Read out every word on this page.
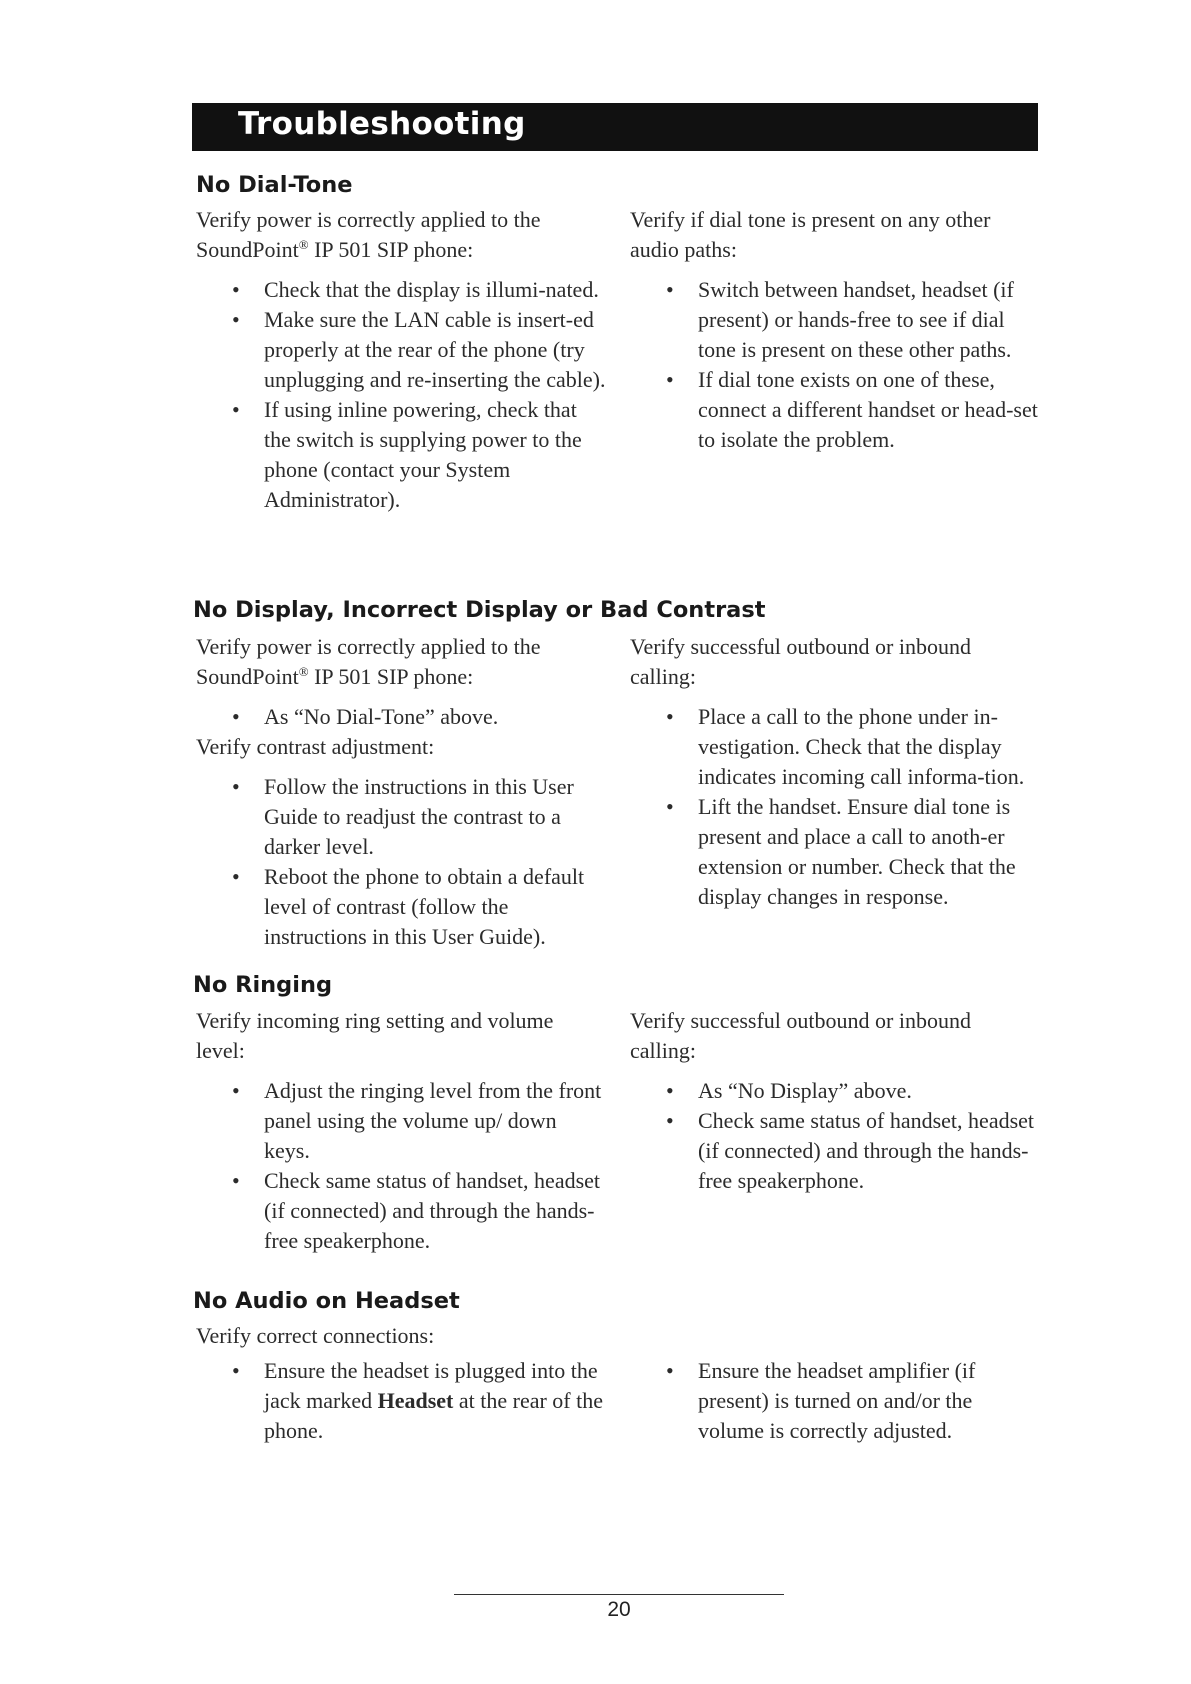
Troubleshooting
No Dial-Tone

Verify power is correctly applied to the SoundPoint® IP 501 SIP phone:

• Check that the display is illumi-nated.
• Make sure the LAN cable is insert-ed properly at the rear of the phone (try unplugging and re-inserting the cable).
• If using inline powering, check that the switch is supplying power to the phone (contact your System Administrator).

Verify if dial tone is present on any other audio paths:

• Switch between handset, headset (if present) or hands-free to see if dial tone is present on these other paths.
• If dial tone exists on one of these, connect a different handset or head-set to isolate the problem.
No Display, Incorrect Display or Bad Contrast

Verify power is correctly applied to the SoundPoint® IP 501 SIP phone:

• As “No Dial-Tone” above.

Verify contrast adjustment:

• Follow the instructions in this User Guide to readjust the contrast to a darker level.
• Reboot the phone to obtain a default level of contrast (follow the instructions in this User Guide).

Verify successful outbound or inbound calling:

• Place a call to the phone under in-vestigation. Check that the display indicates incoming call informa-tion.
• Lift the handset. Ensure dial tone is present and place a call to anoth-er extension or number. Check that the display changes in response.
No Ringing

Verify incoming ring setting and volume level:

• Adjust the ringing level from the front panel using the volume up/ down keys.
• Check same status of handset, headset (if connected) and through the hands-free speakerphone.

Verify successful outbound or inbound calling:

• As “No Display” above.
• Check same status of handset, headset (if connected) and through the hands-free speakerphone.
No Audio on Headset

Verify correct connections:

• Ensure the headset is plugged into the jack marked Headset at the rear of the phone.
• Ensure the headset amplifier (if present) is turned on and/or the volume is correctly adjusted.
20
